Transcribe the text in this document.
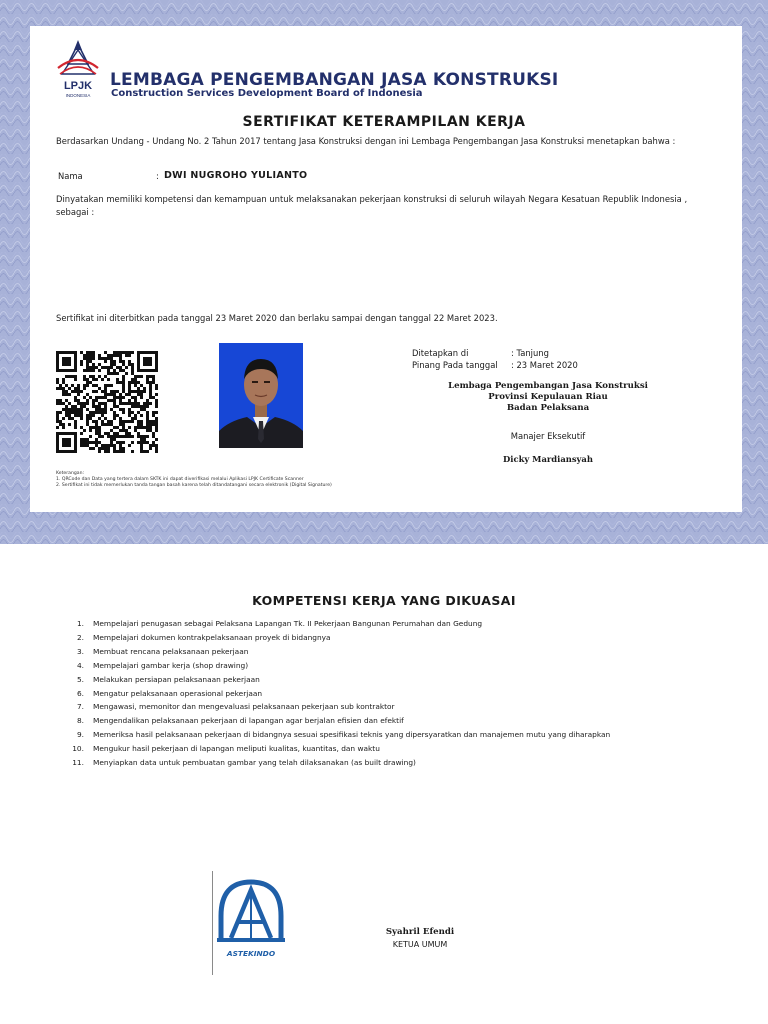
LPJK
INDONESIA
LEMBAGA PENGEMBANGAN JASA KONSTRUKSI
Construction Services Development Board of Indonesia
SERTIFIKAT KETERAMPILAN KERJA
Berdasarkan Undang - Undang No. 2 Tahun 2017 tentang Jasa Konstruksi dengan ini Lembaga Pengembangan Jasa Konstruksi menetapkan bahwa :
Nama	: DWI NUGROHO YULIANTO
Dinyatakan memiliki kompetensi dan kemampuan untuk melaksanakan pekerjaan konstruksi di seluruh wilayah Negara Kesatuan Republik Indonesia , sebagai :
Sertifikat ini diterbitkan pada tanggal 23 Maret 2020 dan berlaku sampai dengan tanggal 22 Maret 2023.
Ditetapkan di
Pinang Pada tanggal
: Tanjung
: 23 Maret 2020
Lembaga Pengembangan Jasa Konstruksi
Provinsi Kepulauan Riau
Badan Pelaksana
Manajer Eksekutif
Dicky Mardiansyah
Keterangan:
1. QRCode dan Data yang tertera dalam SKTK ini dapat diverifikasi melalui Aplikasi LPJK Certificate Scanner
2. Sertifikat ini tidak memerlukan tanda tangan basah karena telah ditandatangani secara elektronik (Digital Signature)
KOMPETENSI KERJA YANG DIKUASAI
1. Mempelajari penugasan sebagai Pelaksana Lapangan Tk. II Pekerjaan Bangunan Perumahan dan Gedung
2. Mempelajari dokumen kontrakpelaksanaan proyek di bidangnya
3. Membuat rencana pelaksanaan pekerjaan
4. Mempelajari gambar kerja (shop drawing)
5. Melakukan persiapan pelaksanaan pekerjaan
6. Mengatur pelaksanaan operasional pekerjaan
7. Mengawasi, memonitor dan mengevaluasi pelaksanaan pekerjaan sub kontraktor
8. Mengendalikan pelaksanaan pekerjaan di lapangan agar berjalan efisien dan efektif
9. Memeriksa hasil pelaksanaan pekerjaan di bidangnya sesuai spesifikasi teknis yang dipersyaratkan dan manajemen mutu yang diharapkan
10. Mengukur hasil pekerjaan di lapangan meliputi kualitas, kuantitas, dan waktu
11. Menyiapkan data untuk pembuatan gambar yang telah dilaksanakan (as built drawing)
ASTEKINDO
Syahril Efendi
KETUA UMUM
